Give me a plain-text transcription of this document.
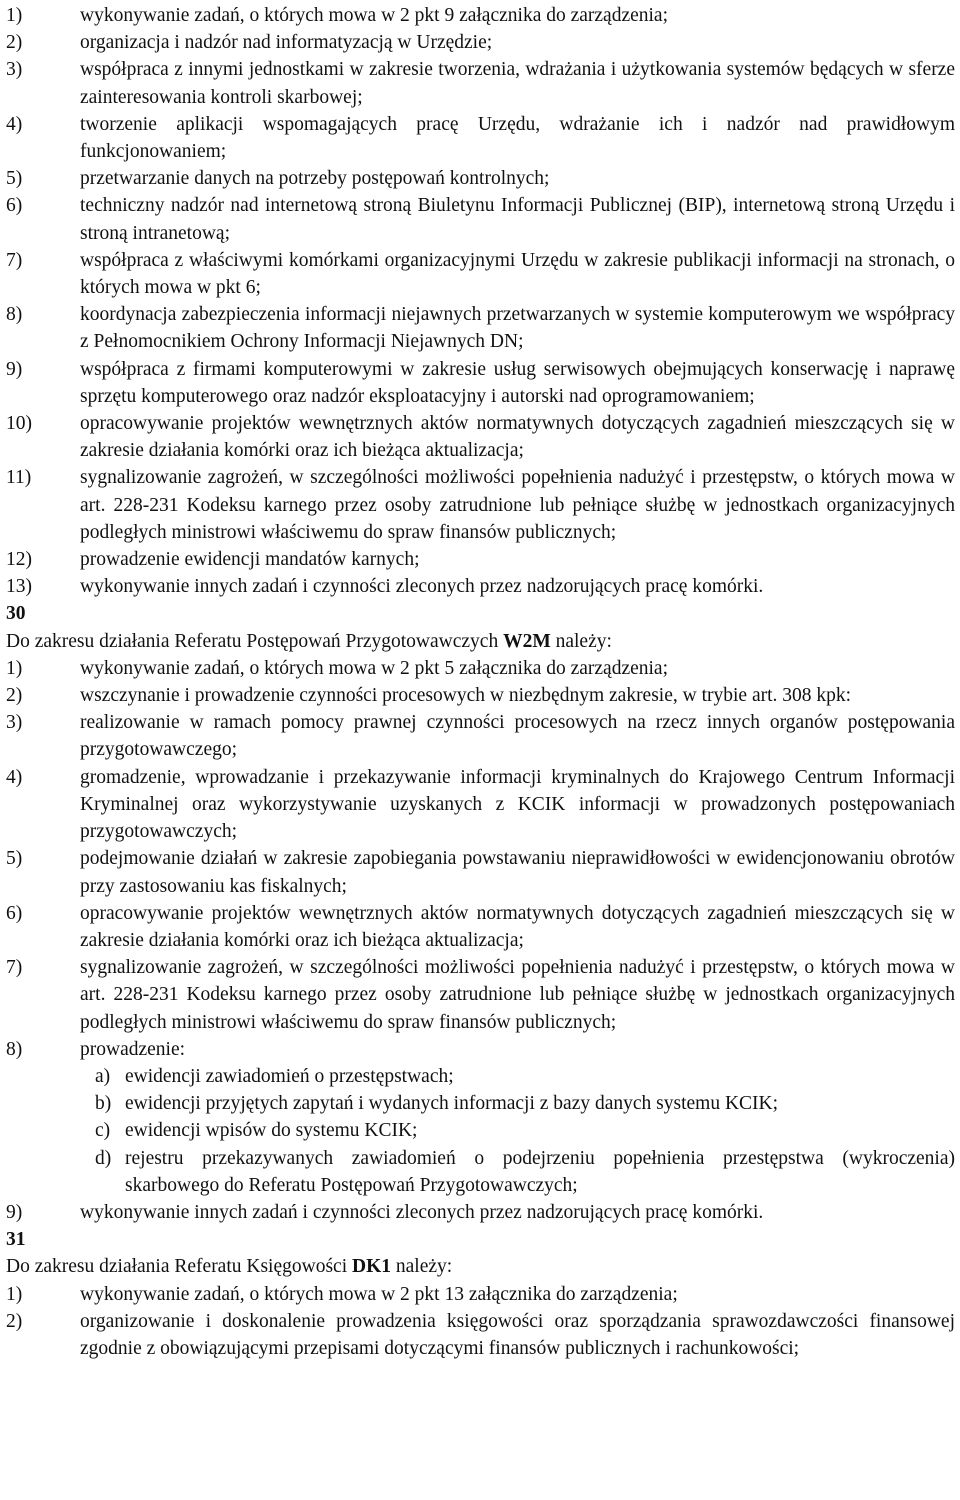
1)	wykonywanie zadań, o których mowa w 2 pkt 9 załącznika do zarządzenia;
2)	organizacja i nadzór nad informatyzacją w Urzędzie;
3)	współpraca z innymi jednostkami w zakresie tworzenia, wdrażania i użytkowania systemów będących w sferze zainteresowania kontroli skarbowej;
4)	tworzenie aplikacji wspomagających pracę Urzędu, wdrażanie ich i nadzór nad prawidłowym funkcjonowaniem;
5)	przetwarzanie danych na potrzeby postępowań kontrolnych;
6)	techniczny nadzór nad internetową stroną Biuletynu Informacji Publicznej (BIP), internetową stroną Urzędu i stroną intranetową;
7)	współpraca z właściwymi komórkami organizacyjnymi Urzędu w zakresie publikacji informacji na stronach, o których mowa w pkt 6;
8)	koordynacja zabezpieczenia informacji niejawnych przetwarzanych w systemie komputerowym we współpracy z Pełnomocnikiem Ochrony Informacji Niejawnych DN;
9)	współpraca z firmami komputerowymi w zakresie usług serwisowych obejmujących konserwację i naprawę sprzętu komputerowego oraz nadzór eksploatacyjny i autorski nad oprogramowaniem;
10)	opracowywanie projektów wewnętrznych aktów normatywnych dotyczących zagadnień mieszczących się w zakresie działania komórki oraz ich bieżąca aktualizacja;
11)	sygnalizowanie zagrożeń, w szczególności możliwości popełnienia nadużyć i przestępstw, o których mowa w art. 228-231 Kodeksu karnego przez osoby zatrudnione lub pełniące służbę w jednostkach organizacyjnych podległych ministrowi właściwemu do spraw finansów publicznych;
12)	prowadzenie ewidencji mandatów karnych;
13)	wykonywanie innych zadań i czynności zleconych przez nadzorujących pracę komórki.
30
Do zakresu działania Referatu Postępowań Przygotowawczych W2M należy:
1)	wykonywanie zadań, o których mowa w 2 pkt 5 załącznika do zarządzenia;
2)	wszczynanie i prowadzenie czynności procesowych w niezbędnym zakresie, w trybie art. 308 kpk:
3)	realizowanie w ramach pomocy prawnej czynności procesowych na rzecz innych organów postępowania przygotowawczego;
4)	gromadzenie, wprowadzanie i przekazywanie informacji kryminalnych do Krajowego Centrum Informacji Kryminalnej oraz wykorzystywanie uzyskanych z KCIK informacji w prowadzonych postępowaniach przygotowawczych;
5)	podejmowanie działań w zakresie zapobiegania powstawaniu nieprawidłowości w ewidencjonowaniu obrotów przy zastosowaniu kas fiskalnych;
6)	opracowywanie projektów wewnętrznych aktów normatywnych dotyczących zagadnień mieszczących się w zakresie działania komórki oraz ich bieżąca aktualizacja;
7)	sygnalizowanie zagrożeń, w szczególności możliwości popełnienia nadużyć i przestępstw, o których mowa w art. 228-231 Kodeksu karnego przez osoby zatrudnione lub pełniące służbę w jednostkach organizacyjnych podległych ministrowi właściwemu do spraw finansów publicznych;
8)	prowadzenie:
a) ewidencji zawiadomień o przestępstwach;
b) ewidencji przyjętych zapytań i wydanych informacji z bazy danych systemu KCIK;
c) ewidencji wpisów do systemu KCIK;
d) rejestru przekazywanych zawiadomień o podejrzeniu popełnienia przestępstwa (wykroczenia) skarbowego do Referatu Postępowań Przygotowawczych;
9)	wykonywanie innych zadań i czynności zleconych przez nadzorujących pracę komórki.
31
Do zakresu działania Referatu Księgowości DK1 należy:
1)	wykonywanie zadań, o których mowa w 2 pkt 13 załącznika do zarządzenia;
2)	organizowanie i doskonalenie prowadzenia księgowości oraz sporządzania sprawozdawczości finansowej zgodnie z obowiązującymi przepisami dotyczącymi finansów publicznych i rachunkowości;
